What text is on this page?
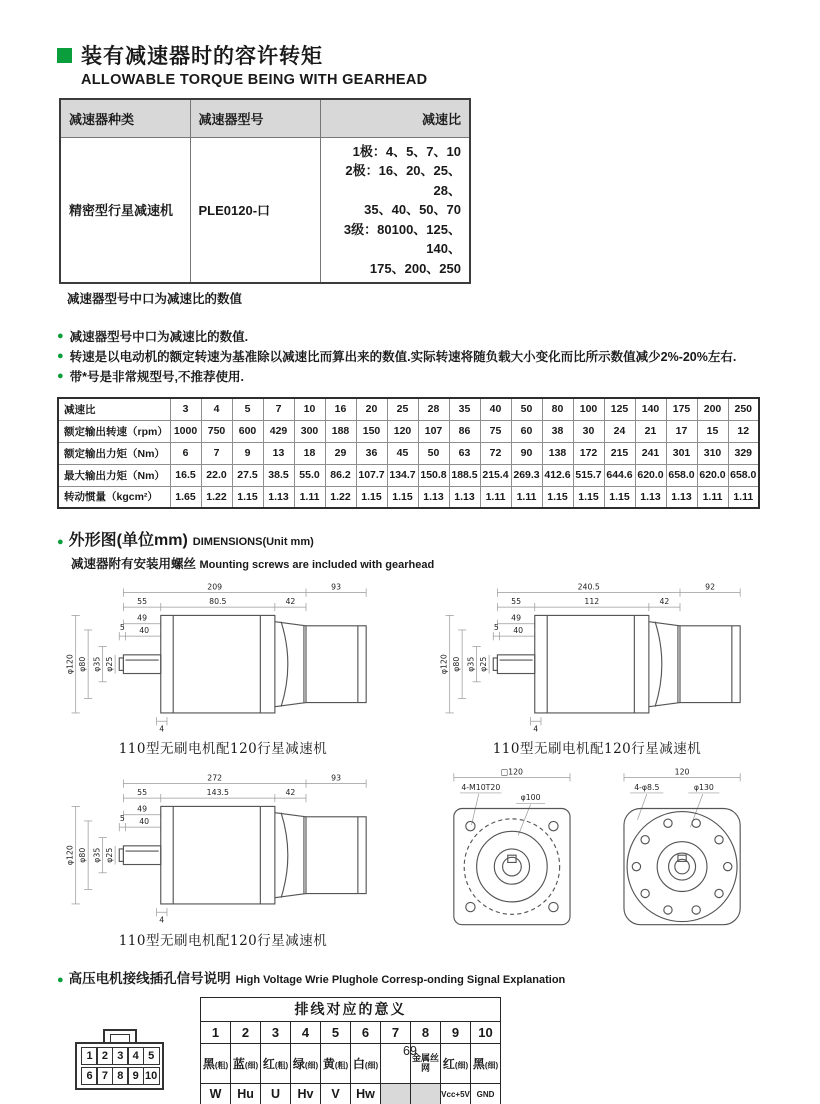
装有减速器时的容许转矩
ALLOWABLE TORQUE BEING WITH GEARHEAD
减速器种类	减速器型号	减速比
精密型行星减速机	PLE0120-口	1极：4、5、7、10
2极：16、20、25、28、
35、40、50、70
3级：80100、125、140、
175、200、250
减速器型号中口为减速比的数值
● 减速器型号中口为减速比的数值.
● 转速是以电动机的额定转速为基准除以减速比而算出来的数值.实际转速将随负载大小变化而比所示数值减少2%-20%左右.
● 带*号是非常规型号,不推荐使用.
减速比	3	4	5	7	10	16	20	25	28	35	40	50	80	100	125	140	175	200	250
额定输出转速（rpm）	1000	750	600	429	300	188	150	120	107	86	75	60	38	30	24	21	17	15	12
额定输出力矩（Nm）	6	7	9	13	18	29	36	45	50	63	72	90	138	172	215	241	301	310	329
最大输出力矩（Nm）	16.5	22.0	27.5	38.5	55.0	86.2	107.7	134.7	150.8	188.5	215.4	269.3	412.6	515.7	644.6	620.0	658.0	620.0	658.0
转动惯量（kgcm²）	1.65	1.22	1.15	1.13	1.11	1.22	1.15	1.15	1.13	1.13	1.11	1.11	1.15	1.15	1.15	1.13	1.13	1.11	1.11
● 外形图(单位mm) DIMENSIONS(Unit mm)
减速器附有安装用螺丝 Mounting screws are included with gearhead
209	93
55	80.5	42
49
5 40
φ120 φ80 φ35 φ25
4
110型无刷电机配120行星减速机
240.5	92
55	112	42
49
5 40
φ120 φ80 φ35 φ25
4
110型无刷电机配120行星减速机
272	93
55	143.5	42
49
5 40
φ120 φ80 φ35 φ25
4
110型无刷电机配120行星减速机
□120
4-M10T20
φ100
120
4-φ8.5	φ130
● 高压电机接线插孔信号说明 High Voltage Wrie Plughole Corresp-onding Signal Explanation
1 2 3 4 5
6 7 8 9 10
排线对应的意义									
1	2	3	4	5	6	7	8	9	10
黑(粗)	蓝(细)	红(粗)	绿(细)	黄(粗)	白(细)		金属丝网	红(细)	黑(细)
W	Hu	U	Hv	V	Hw			Vcc+5V	GND
69
